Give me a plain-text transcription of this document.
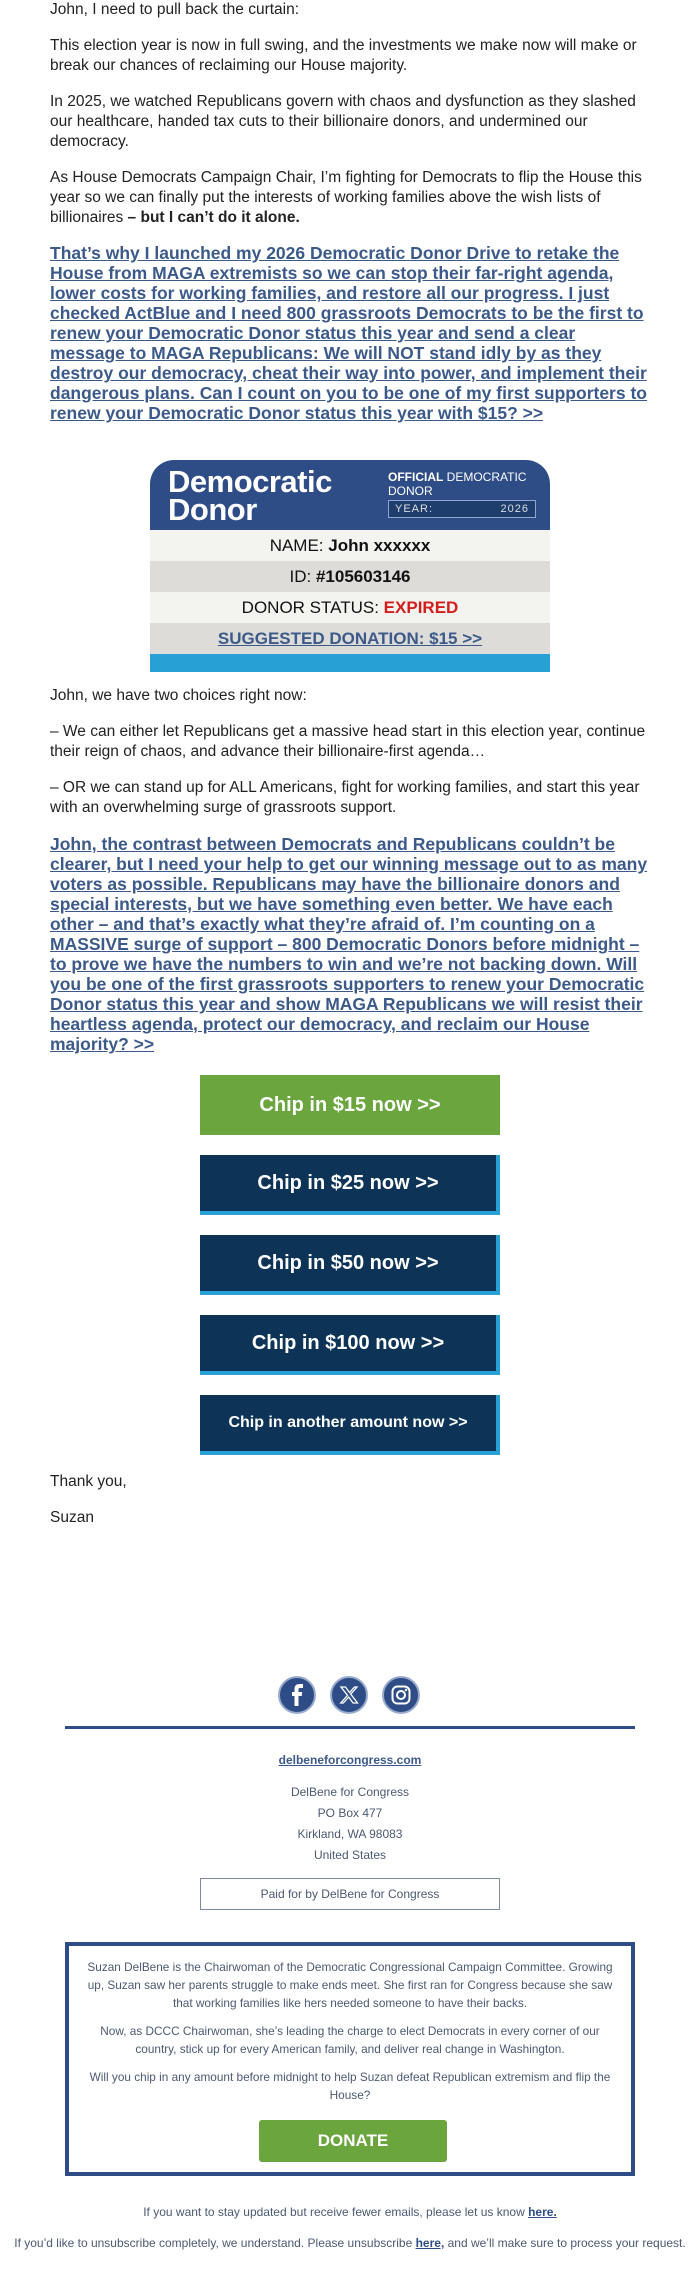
John, I need to pull back the curtain:

This election year is now in full swing, and the investments we make now will make or break our chances of reclaiming our House majority.

In 2025, we watched Republicans govern with chaos and dysfunction as they slashed our healthcare, handed tax cuts to their billionaire donors, and undermined our democracy.

As House Democrats Campaign Chair, I’m fighting for Democrats to flip the House this year so we can finally put the interests of working families above the wish lists of billionaires – but I can’t do it alone.

That’s why I launched my 2026 Democratic Donor Drive to retake the House from MAGA extremists so we can stop their far-right agenda, lower costs for working families, and restore all our progress. I just checked ActBlue and I need 800 grassroots Democrats to be the first to renew your Democratic Donor status this year and send a clear message to MAGA Republicans: We will NOT stand idly by as they destroy our democracy, cheat their way into power, and implement their dangerous plans. Can I count on you to be one of my first supporters to renew your Democratic Donor status this year with $15? >>
Democratic
Donor
OFFICIAL DEMOCRATIC DONOR
YEAR:	2026
NAME: John xxxxxx
ID: #105603146
DONOR STATUS: EXPIRED
SUGGESTED DONATION: $15 >>

John, we have two choices right now:

– We can either let Republicans get a massive head start in this election year, continue their reign of chaos, and advance their billionaire-first agenda…

– OR we can stand up for ALL Americans, fight for working families, and start this year with an overwhelming surge of grassroots support.

John, the contrast between Democrats and Republicans couldn’t be clearer, but I need your help to get our winning message out to as many voters as possible. Republicans may have the billionaire donors and special interests, but we have something even better. We have each other – and that’s exactly what they’re afraid of. I’m counting on a MASSIVE surge of support – 800 Democratic Donors before midnight – to prove we have the numbers to win and we’re not backing down. Will you be one of the first grassroots supporters to renew your Democratic Donor status this year and show MAGA Republicans we will resist their heartless agenda, protect our democracy, and reclaim our House majority? >>
Chip in $15 now >>
Chip in $25 now >>
Chip in $50 now >>
Chip in $100 now >>
Chip in another amount now >>

Thank you,

Suzan

delbeneforcongress.com
DelBene for Congress
PO Box 477
Kirkland, WA 98083
United States
Paid for by DelBene for Congress

Suzan DelBene is the Chairwoman of the Democratic Congressional Campaign Committee. Growing up, Suzan saw her parents struggle to make ends meet. She first ran for Congress because she saw that working families like hers needed someone to have their backs.

Now, as DCCC Chairwoman, she’s leading the charge to elect Democrats in every corner of our country, stick up for every American family, and deliver real change in Washington.

Will you chip in any amount before midnight to help Suzan defeat Republican extremism and flip the House?

DONATE
If you want to stay updated but receive fewer emails, please let us know here.
If you’d like to unsubscribe completely, we understand. Please unsubscribe here, and we’ll make sure to process your request.
